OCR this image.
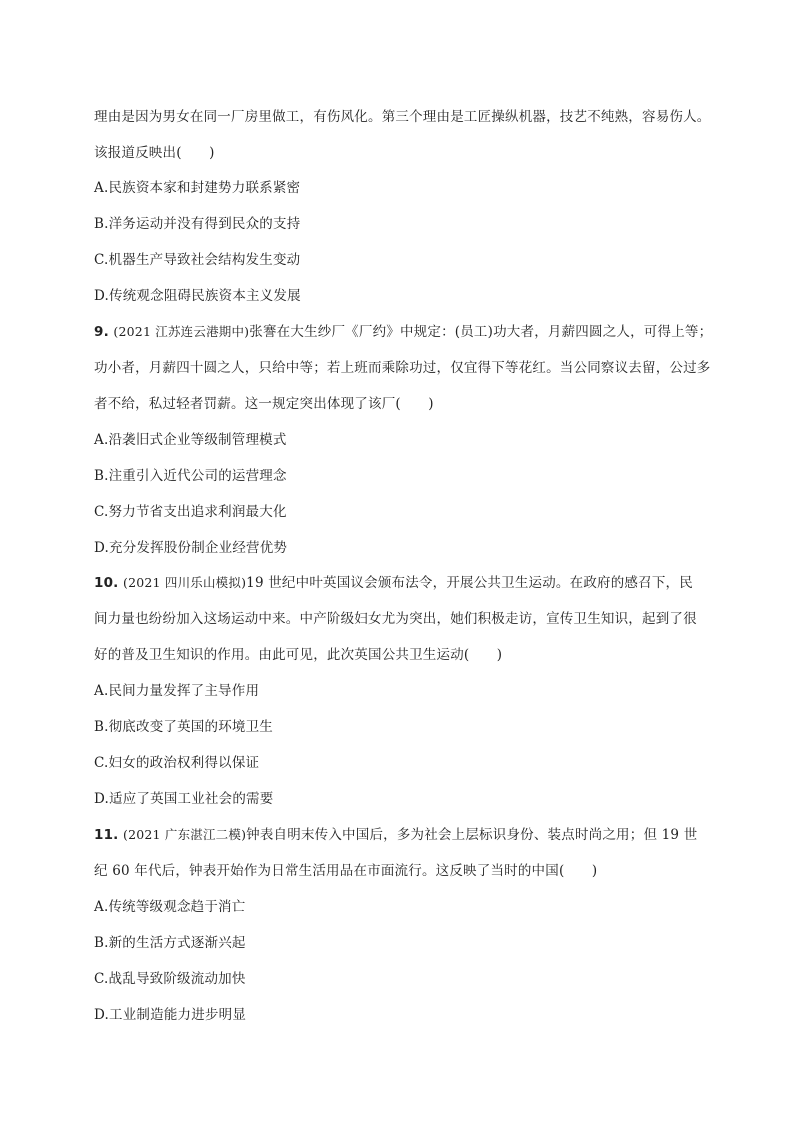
理由是因为男女在同一厂房里做工，有伤风化。第三个理由是工匠操纵机器，技艺不纯熟，容易伤人。
该报道反映出(　　)
A.民族资本家和封建势力联系紧密
B.洋务运动并没有得到民众的支持
C.机器生产导致社会结构发生变动
D.传统观念阻碍民族资本主义发展
9. (2021 江苏连云港期中)张謇在大生纱厂《厂约》中规定：(员工)功大者，月薪四圆之人，可得上等；
功小者，月薪四十圆之人，只给中等；若上班而乘除功过，仅宜得下等花红。当公同察议去留，公过多
者不给，私过轻者罚薪。这一规定突出体现了该厂(　　)
A.沿袭旧式企业等级制管理模式
B.注重引入近代公司的运营理念
C.努力节省支出追求利润最大化
D.充分发挥股份制企业经营优势
10. (2021 四川乐山模拟)19 世纪中叶英国议会颁布法令，开展公共卫生运动。在政府的感召下，民
间力量也纷纷加入这场运动中来。中产阶级妇女尤为突出，她们积极走访，宣传卫生知识，起到了很
好的普及卫生知识的作用。由此可见，此次英国公共卫生运动(　　)
A.民间力量发挥了主导作用
B.彻底改变了英国的环境卫生
C.妇女的政治权利得以保证
D.适应了英国工业社会的需要
11. (2021 广东湛江二模)钟表自明末传入中国后，多为社会上层标识身份、装点时尚之用；但 19 世
纪 60 年代后，钟表开始作为日常生活用品在市面流行。这反映了当时的中国(　　)
A.传统等级观念趋于消亡
B.新的生活方式逐渐兴起
C.战乱导致阶级流动加快
D.工业制造能力进步明显
